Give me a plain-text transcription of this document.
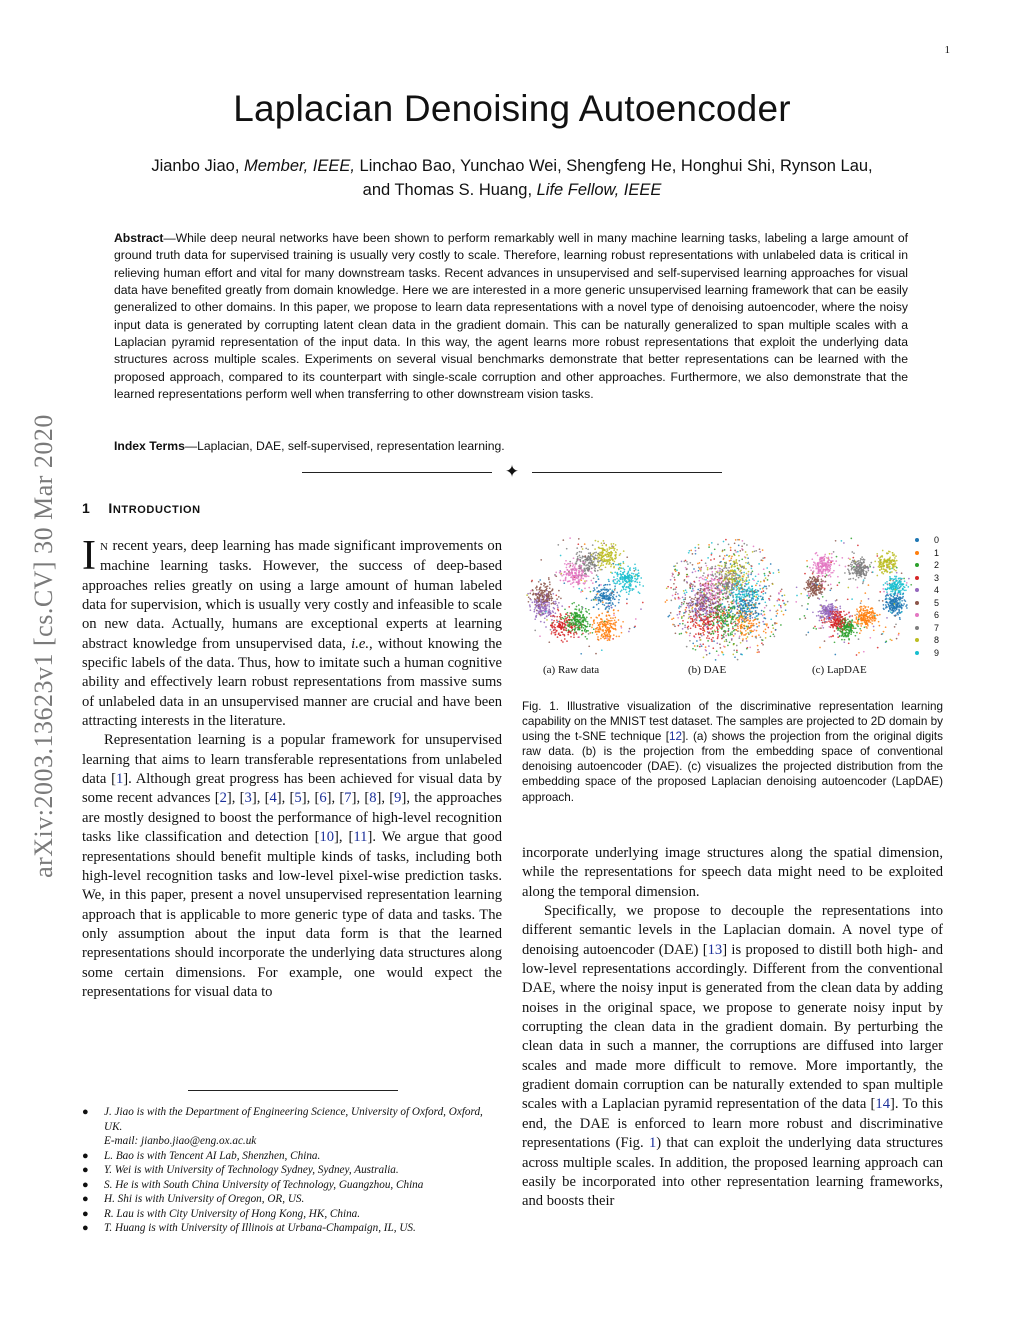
1
Laplacian Denoising Autoencoder
Jianbo Jiao, Member, IEEE, Linchao Bao, Yunchao Wei, Shengfeng He, Honghui Shi, Rynson Lau,
and Thomas S. Huang, Life Fellow, IEEE
Abstract—While deep neural networks have been shown to perform remarkably well in many machine learning tasks, labeling a large amount of ground truth data for supervised training is usually very costly to scale. Therefore, learning robust representations with unlabeled data is critical in relieving human effort and vital for many downstream tasks. Recent advances in unsupervised and self-supervised learning approaches for visual data have benefited greatly from domain knowledge. Here we are interested in a more generic unsupervised learning framework that can be easily generalized to other domains. In this paper, we propose to learn data representations with a novel type of denoising autoencoder, where the noisy input data is generated by corrupting latent clean data in the gradient domain. This can be naturally generalized to span multiple scales with a Laplacian pyramid representation of the input data. In this way, the agent learns more robust representations that exploit the underlying data structures across multiple scales. Experiments on several visual benchmarks demonstrate that better representations can be learned with the proposed approach, compared to its counterpart with single-scale corruption and other approaches. Furthermore, we also demonstrate that the learned representations perform well when transferring to other downstream vision tasks.
Index Terms—Laplacian, DAE, self-supervised, representation learning.
✦
arXiv:2003.13623v1 [cs.CV] 30 Mar 2020 1 INTRODUCTION

I N recent years, deep learning has made significant improvements on machine learning tasks. However, the success of deep-based approaches relies greatly on using a large amount of human labeled data for supervision, which is usually very costly and infeasible to scale on new data. Actually, humans are exceptional experts at learning abstract knowledge from unsupervised data, i.e., without knowing the specific labels of the data. Thus, how to imitate such a human cognitive ability and effectively learn robust representations from massive sums of unlabeled data in an unsupervised manner are crucial and have been attracting interests in the literature.

Representation learning is a popular framework for unsupervised learning that aims to learn transferable representations from unlabeled data [1]. Although great progress has been achieved for visual data by some recent advances [2], [3], [4], [5], [6], [7], [8], [9], the approaches are mostly designed to boost the performance of high-level recognition tasks like classification and detection [10], [11]. We argue that good representations should benefit multiple kinds of tasks, including both high-level recognition tasks and low-level pixel-wise prediction tasks. We, in this paper, present a novel unsupervised representation learning approach that is applicable to more generic type of data and tasks. The only assumption about the input data form is that the learned representations should incorporate the underlying data structures along some certain dimensions. For example, one would expect the representations for visual data to

● J. Jiao is with the Department of Engineering Science, University of Oxford, Oxford, UK.
E-mail: jianbo.jiao@eng.ox.ac.uk
● L. Bao is with Tencent AI Lab, Shenzhen, China.
● Y. Wei is with University of Technology Sydney, Sydney, Australia.
● S. He is with South China University of Technology, Guangzhou, China
● H. Shi is with University of Oregon, OR, US.
● R. Lau is with City University of Hong Kong, HK, China.
● T. Huang is with University of Illinois at Urbana-Champaign, IL, US.
(a) Raw data	(b) DAE	(c) LapDAE
0
1
2
3
4
5
6
7
8
9
Fig. 1. Illustrative visualization of the discriminative representation learning capability on the MNIST test dataset. The samples are projected to 2D domain by using the t-SNE technique [12]. (a) shows the projection from the original digits raw data. (b) is the projection from the embedding space of conventional denoising autoencoder (DAE). (c) visualizes the projected distribution from the embedding space of the proposed Laplacian denoising autoencoder (LapDAE) approach.

incorporate underlying image structures along the spatial dimension, while the representations for speech data might need to be exploited along the temporal dimension.

Specifically, we propose to decouple the representations into different semantic levels in the Laplacian domain. A novel type of denoising autoencoder (DAE) [13] is proposed to distill both high- and low-level representations accordingly. Different from the conventional DAE, where the noisy input is generated from the clean data by adding noises in the original space, we propose to generate noisy input by corrupting the clean data in the gradient domain. By perturbing the clean data in such a manner, the corruptions are diffused into larger scales and made more difficult to remove. More importantly, the gradient domain corruption can be naturally extended to span multiple scales with a Laplacian pyramid representation of the data [14]. To this end, the DAE is enforced to learn more robust and discriminative representations (Fig. 1) that can exploit the underlying data structures across multiple scales. In addition, the proposed learning approach can easily be incorporated into other representation learning frameworks, and boosts their
